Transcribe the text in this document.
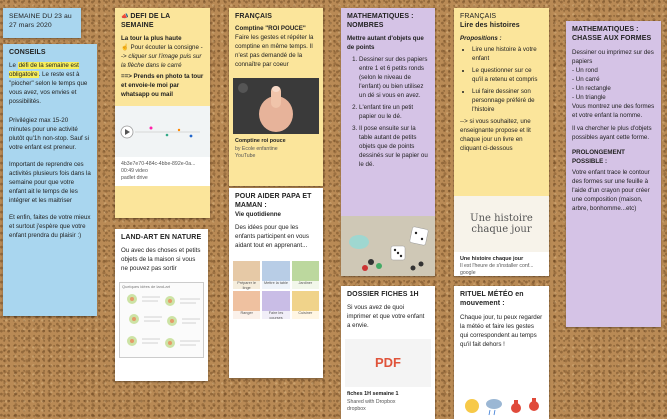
SEMAINE DU 23 au 27 mars 2020
CONSEILS

Le défi de la semaine est obligatoire. Le reste est à "piocher" selon le temps que vous avez, vos envies et possibilités.

Privilégiez max 15-20 minutes pour une activité plutôt qu'1h non-stop. Sauf si votre enfant est preneur.

Important de reprendre ces activités plusieurs fois dans la semaine pour que votre enfant ait le temps de les intégrer et les maitriser

Et enfin, faites de votre mieux et surtout j'espère que votre enfant prendra du plaisir :)

📣 DEFI DE LA SEMAINE
La tour la plus haute
☝ Pour écouter la consigne --> cliquer sur l'image puis sur la flèche dans le carré
==> Prends en photo ta tour et envoie-le moi par whatsapp ou mail
4b3e7e70-484c-4bbe-892e-0a...
00:49 video
padlet drive
LAND-ART EN NATURE

Ou avec des choses et petits objets de la maison si vous ne pouvez pas sortir

Quelques idées de land-art
FRANÇAIS
Comptine "ROI POUCE"

Faire les gestes et répéter la comptine en même temps. Il n'est pas demandé de la connaître par coeur

Comptine roi pouce
by Ecole enfantine
YouTube
POUR AIDER PAPA ET MAMAN :
Vie quotidienne

Des idées pour que les enfants participent en vous aidant tout en apprenant...

Préparer le linge
Mettre la table	Jardiner
Ranger	Faire les courses
Cuisiner
MATHEMATIQUES : NOMBRES
Mettre autant d'objets que de points
1. Dessiner sur des papiers entre 1 et 6 petits ronds (selon le niveau de l'enfant) ou bien utilisez un dé si vous en avez.
2. L'enfant tire un petit papier ou le dé.
3. Il pose ensuite sur la table autant de petits objets que de points dessinés sur le papier ou le dé.
DOSSIER FICHES 1H

Si vous avez de quoi imprimer et que votre enfant a envie.

PDF
fiches 1H semaine 1
Shared with Dropbox
dropbox
FRANÇAIS
Lire des histoires
Propositions :
• Lire une histoire à votre enfant
• Le questionner sur ce qu'il a retenu et compris
• Lui faire dessiner son personnage préféré de l'histoire

--> si vous souhaitez, une enseignante propose et lit chaque jour un livre en cliquant ci-dessous

Une histoire chaque jour
Une histoire chaque jour
Il est l'heure de s'installer conf...
google
RITUEL MÉTÉO en mouvement :

Chaque jour, tu peux regarder la météo et faire les gestes qui correspondent au temps qu'il fait dehors !

MATHEMATIQUES : CHASSE AUX FORMES

Dessiner ou imprimez sur des papiers

- Un rond
- Un carré
- Un rectangle
- Un triangle

Vous montrez une des formes et votre enfant la nomme.

Il va chercher le plus d'objets possibles ayant cette forme.

PROLONGEMENT POSSIBLE :

Votre enfant trace le contour des formes sur une feuille à l'aide d'un crayon pour créer une composition (maison, arbre, bonhomme...etc)
